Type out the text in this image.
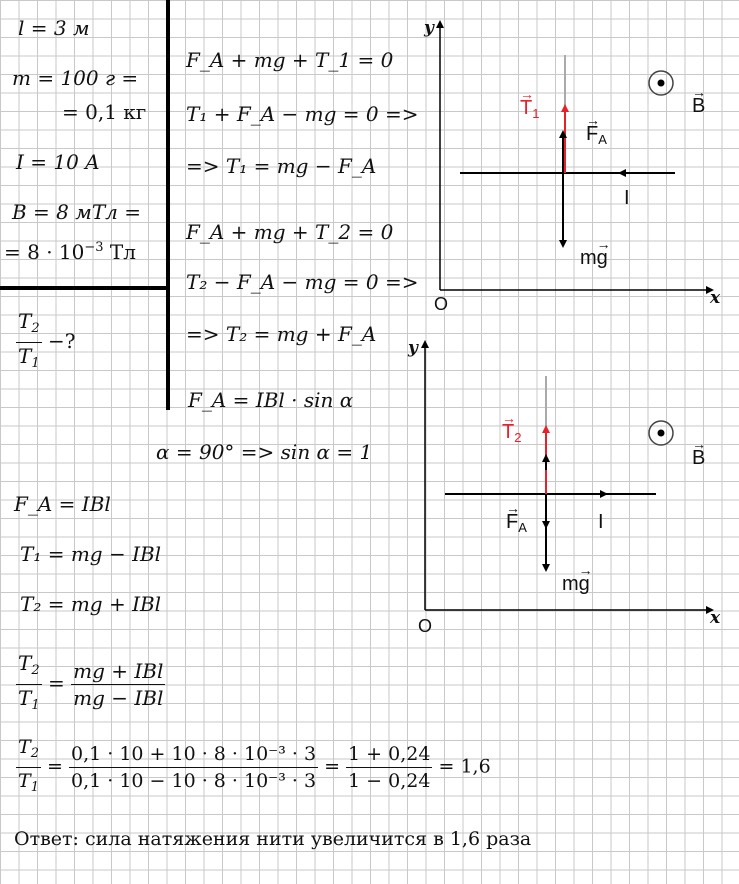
l = 3 м
m = 100 г =
= 0,1 кг
I = 10 A
B = 8 мТл =
= $8 \cdot 10^{-3}$ Тл
$\frac{T_2}{T_1}$ −?
F_A + mg + T_1 = 0
T₁ + F_A − mg = 0 =>
=> T₁ = mg − F_A
F_A + mg + T_2 = 0
T₂ − F_A − mg = 0 =>
=> T₂ = mg + F_A
F_A = IBl · sin α
α = 90° => sin α = 1
F_A = IBl
T₁ = mg − IBl
T₂ = mg + IBl
$\frac{T_2}{T_1} = \frac{\text{mg + IBl}}{\text{mg − IBl}}$
$\frac{T_2}{T_1} = \frac{\text{0,1 · 10 + 10 · 8 · 10⁻³ · 3}}{\text{0,1 · 10 − 10 · 8 · 10⁻³ · 3}} = \frac{1 + 0,24}{1 - 0,24} = 1,6$
Ответ: сила натяжения нити увеличится в 1,6 раза
y
x
O
→ $T_1$
→ $F_A$
I
m→ g
→ B
y
x
O
→ $T_2$
→ $F_A$	I
m→ g
→ B
